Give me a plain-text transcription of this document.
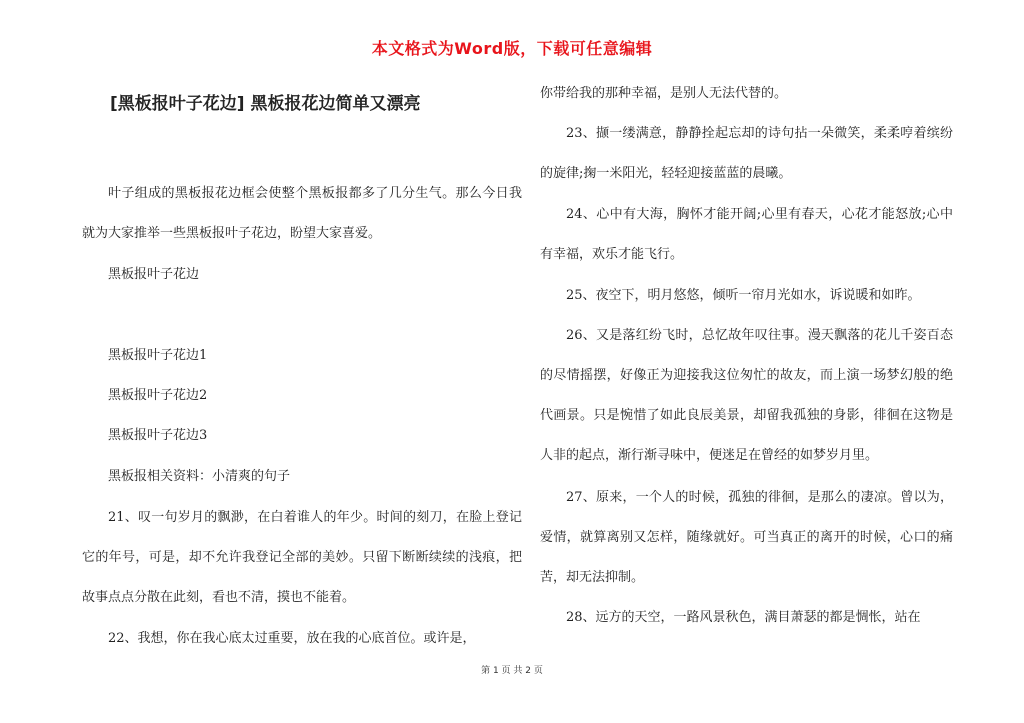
本文格式为Word版，下载可任意编辑
[黑板报叶子花边] 黑板报花边简单又漂亮

叶子组成的黑板报花边框会使整个黑板报都多了几分生气。那么今日我就为大家推举一些黑板报叶子花边，盼望大家喜爱。

黑板报叶子花边

黑板报叶子花边1

黑板报叶子花边2

黑板报叶子花边3

黑板报相关资料：小清爽的句子

21、叹一句岁月的飘渺，在白着谁人的年少。时间的刻刀，在脸上登记它的年号，可是，却不允许我登记全部的美妙。只留下断断续续的浅痕，把故事点点分散在此刻，看也不清，摸也不能着。

22、我想，你在我心底太过重要，放在我的心底首位。或许是，

你带给我的那种幸福，是别人无法代替的。

23、撷一缕满意，静静拴起忘却的诗句拈一朵微笑，柔柔哼着缤纷的旋律;掬一米阳光，轻轻迎接蓝蓝的晨曦。

24、心中有大海，胸怀才能开阔;心里有春天，心花才能怒放;心中有幸福，欢乐才能飞行。

25、夜空下，明月悠悠，倾听一帘月光如水，诉说暖和如昨。

26、又是落红纷飞时，总忆故年叹往事。漫天飘落的花儿千姿百态的尽情摇摆，好像正为迎接我这位匆忙的故友，而上演一场梦幻般的绝代画景。只是惋惜了如此良辰美景，却留我孤独的身影，徘徊在这物是人非的起点，渐行渐寻味中，便迷足在曾经的如梦岁月里。

27、原来，一个人的时候，孤独的徘徊，是那么的凄凉。曾以为，爱情，就算离别又怎样，随缘就好。可当真正的离开的时候，心口的痛苦，却无法抑制。

28、远方的天空，一路风景秋色，满目萧瑟的都是惆怅，站在

第 1 页 共 2 页
